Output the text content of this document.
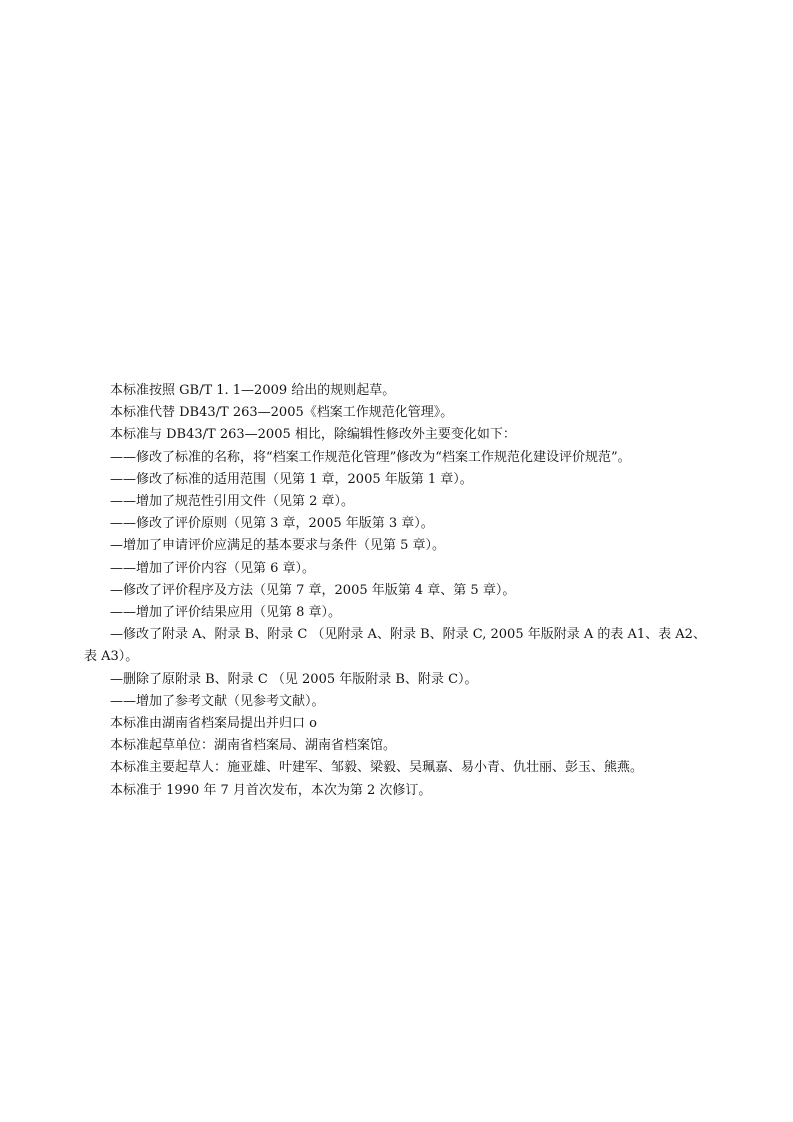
本标准按照 GB/T 1. 1—2009 给出的规则起草。

本标准代替 DB43/T 263—2005《档案工作规范化管理》。

本标准与 DB43/T 263—2005 相比，除编辑性修改外主要变化如下：

——修改了标准的名称，将“档案工作规范化管理”修改为“档案工作规范化建设评价规范”。

——修改了标准的适用范围（见第 1 章，2005 年版第 1 章）。

——增加了规范性引用文件（见第 2 章）。

——修改了评价原则（见第 3 章，2005 年版第 3 章）。

—增加了申请评价应满足的基本要求与条件（见第 5 章）。

——增加了评价内容（见第 6 章）。

—修改了评价程序及方法（见第 7 章，2005 年版第 4 章、第 5 章）。

——增加了评价结果应用（见第 8 章）。

—修改了附录 A、附录 B、附录 C （见附录 A、附录 B、附录 C, 2005 年版附录 A 的表 A1、表 A2、 表 A3）。

—删除了原附录 B、附录 C （见 2005 年版附录 B、附录 C）。

——增加了参考文献（见参考文献）。

本标准由湖南省档案局提出并归口 o

本标准起草单位：湖南省档案局、湖南省档案馆。

本标准主要起草人：施亚雄、叶建军、邹毅、梁毅、吴珮嘉、易小青、仇壮丽、彭玉、熊燕。

本标准于 1990 年 7 月首次发布，本次为第 2 次修订。
